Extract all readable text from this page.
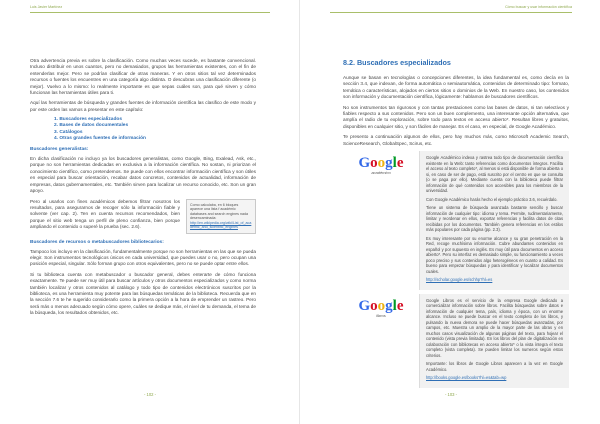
Luis Javier Martínez

Otra advertencia previa es sobre la clasificación. Como muchas veces sucede, es bastante convencional. Incluso distribuir en unos cuantos, pero no demasiados, grupos las herramientas existentes, con el fin de entenderlas mejor. Pero se podrían clasificar de otras maneras. Y en otros sitios tal vez determinados recursos o fuentes los encuentres en una categoría algo distinta. O descubras una clasificación diferente (o mejor). Vuelvo a lo mismo: lo realmente importante es que sepas cuáles son, para qué sirven y cómo funcionan las herramientas útiles para ti.

Aquí las herramientas de búsqueda y grandes fuentes de información científica las clasifico de este modo y por este orden las vamos a presentar en este capítulo:

1. Buscadores especializados
2. Bases de datos documentales
3. Catálogos
4. Otras grandes fuentes de información
Buscadores generalistas:

En dicha clasificación no incluyo ya los buscadores generalistas, como Google, Bing, Exalead, Ask, etc., porque no son herramientas dedicadas en exclusiva a la información científica. No sostan, ni priorizan el conocimiento científico, como pretendemos. Se puede con ellos encontrar información científica y son útiles en especial para buscar orientación, recabar datos concretos, contenidos de actualidad, información de empresas, datos gubernamentales, etc. También sirven para localizar un recurso conocido, etc. Son un gran apoyo.

Pero al usarlos con fines académicos debemos filtrar nosotros los resultados, para asegurarnos de recoger sólo la información fiable y solvente (ver cap. 2). Ten en cuenta recursos recomendados, bien porque el sitio web tenga un perfil de pleno confianza, bien porque ampliando el contenido o superé la prueba (sec. 2.6).

Como calculaba, en 6 bloques aparece una lista f académic databases and search engines nada desencaminada:
http://en.wikipedia.org/wiki/List_of_academic_and_scientific_engines
Buscadores de recursos o metabuscadores bibliotecarios:

Tampoco los incluyo en la clasificación, fundamentalmente porque no son herramientas en las que se pueda elegir. Son instrumentos tecnológicos únicos en cada universidad, que puedes usar o no, pero ocupan una posición especial, singular. Sólo forman grupo con otros equivalentes, pero no se puede optar entre ellos.

Si tu biblioteca cuenta con metabuscador o buscador general, debes enterarte de cómo funciona exactamente. Te puede ser muy útil para buscar artículos y otros documentos especializados y como norma también localizar y otros contenidos al catálogo y todo tipo de contenidos electrónicos suscritos por la biblioteca, es una herramienta muy potente para las búsquedas temáticas de la biblioteca. Recuerda que en la sección 7.6 te he sugerido considerarlo como la primera opción a la hora de emprender un rastreo. Pero será más o menos adecuado según cómo opere, cuáles se dedique más, el nivel de tu demanda, el tema de la búsqueda, los resultados obtenidos, etc.

- 102 -
Cómo buscar y usar información científica
8.2. Buscadores especializados

Aunque se basan en tecnologías o concepciones diferentes, la idea fundamental es, como decía en la sección 3.4, que indexan, de forma automática o semiautomática, contenidos de determinado tipo: formato, temática o características, alojados en ciertos sitios o dominios de la Web. En nuestro caso, los contenidos son información y documentación científica, lógicamente: hablamos de buscadores científicos.

No son instrumentos tan rigurosos y con tantas prestaciones como las bases de datos, ni tan selectivos y fiables respecto a sus contenidos. Pero son un buen complemento, una interesante opción alternativa, que amplía el radio de tu exploración, sobre todo para textos en acceso abierto*. Resultan libres y gratuitos, disponibles en cualquier sitio, y son fáciles de manejar. Es el caso, en especial, de Google Académico.

Te presento a continuación algunos de ellos, pero hay muchos más, como Microsoft Academic Search, ScienceResearch, GlobalSpec, Scirus, etc.

Google
académico

Google Académico indexa y rastrea todo tipo de documentación científica existente en la Web: tanto referencias como documentos íntegros. Facilita el acceso al texto completo*, al menos si está disponible de forma abierta o si, en caso de ser de pago, está suscrito por el centro en que se consulta (o se paga por ello). Mediante cuenta con la biblioteca puede filtrar información de qué contenidos son accesibles para los miembros de la universidad.

Con Google Académico harás hecho el ejemplo práctico 3.6, recuérdalo.

Tiene un sistema de búsqueda avanzada bastante sencillo y buscar información de cualquier tipo: idioma y tema. Permite, rudimentariamente, limitar y reordenar en ellos, exportar referencias y facilita datos de citas recibidas por los documentos. También genera referencias en los estilos más populares por cada página (pp. 2.3).

Es muy interesante por su enorme alcance y su gran penetración en la Red, recoge muchísima información. Cubre abundantes contenidos en español y por supuesto en inglés. Es muy útil para documentos en acceso abierto*. Pero su interfaz es demasiado simple, su funcionamiento a veces poco preciso y sus contenidos algo heterogéneos en cuanto a calidad. Es bueno para empezar búsquedas y para identificar y localizar documentos cuales.

http://scholar.google.es/schhp?hl=es

Google
libros

Google Libros es el servicio de la empresa Google dedicado a comercializar información sobre libros. Facilita búsquedas sobre datos e información de cualquier tema, país, idioma y época, con un enorme alcance. Incluso se puede buscar en el texto completo de los libros, y pulsando la nueva demora se puede hacer búsquedas avanzadas, por campos, etc. Muestra un amplio de la mayor parte de las obras y en muchos casos visualización de algunas páginas del texto, para hojear el contenido (vista previa limitada). En los libros del plan de digitalización en colaboración con bibliotecas en acceso abierto* o la vista íntegra el texto completo (vista completa). Se pueden limitar los numeros según estos criterios.

Importante: los libros de Google Libros aparecen a la vez en Google Académico.

http://books.google.es/books?hl=es&tab=wp

- 103 -
